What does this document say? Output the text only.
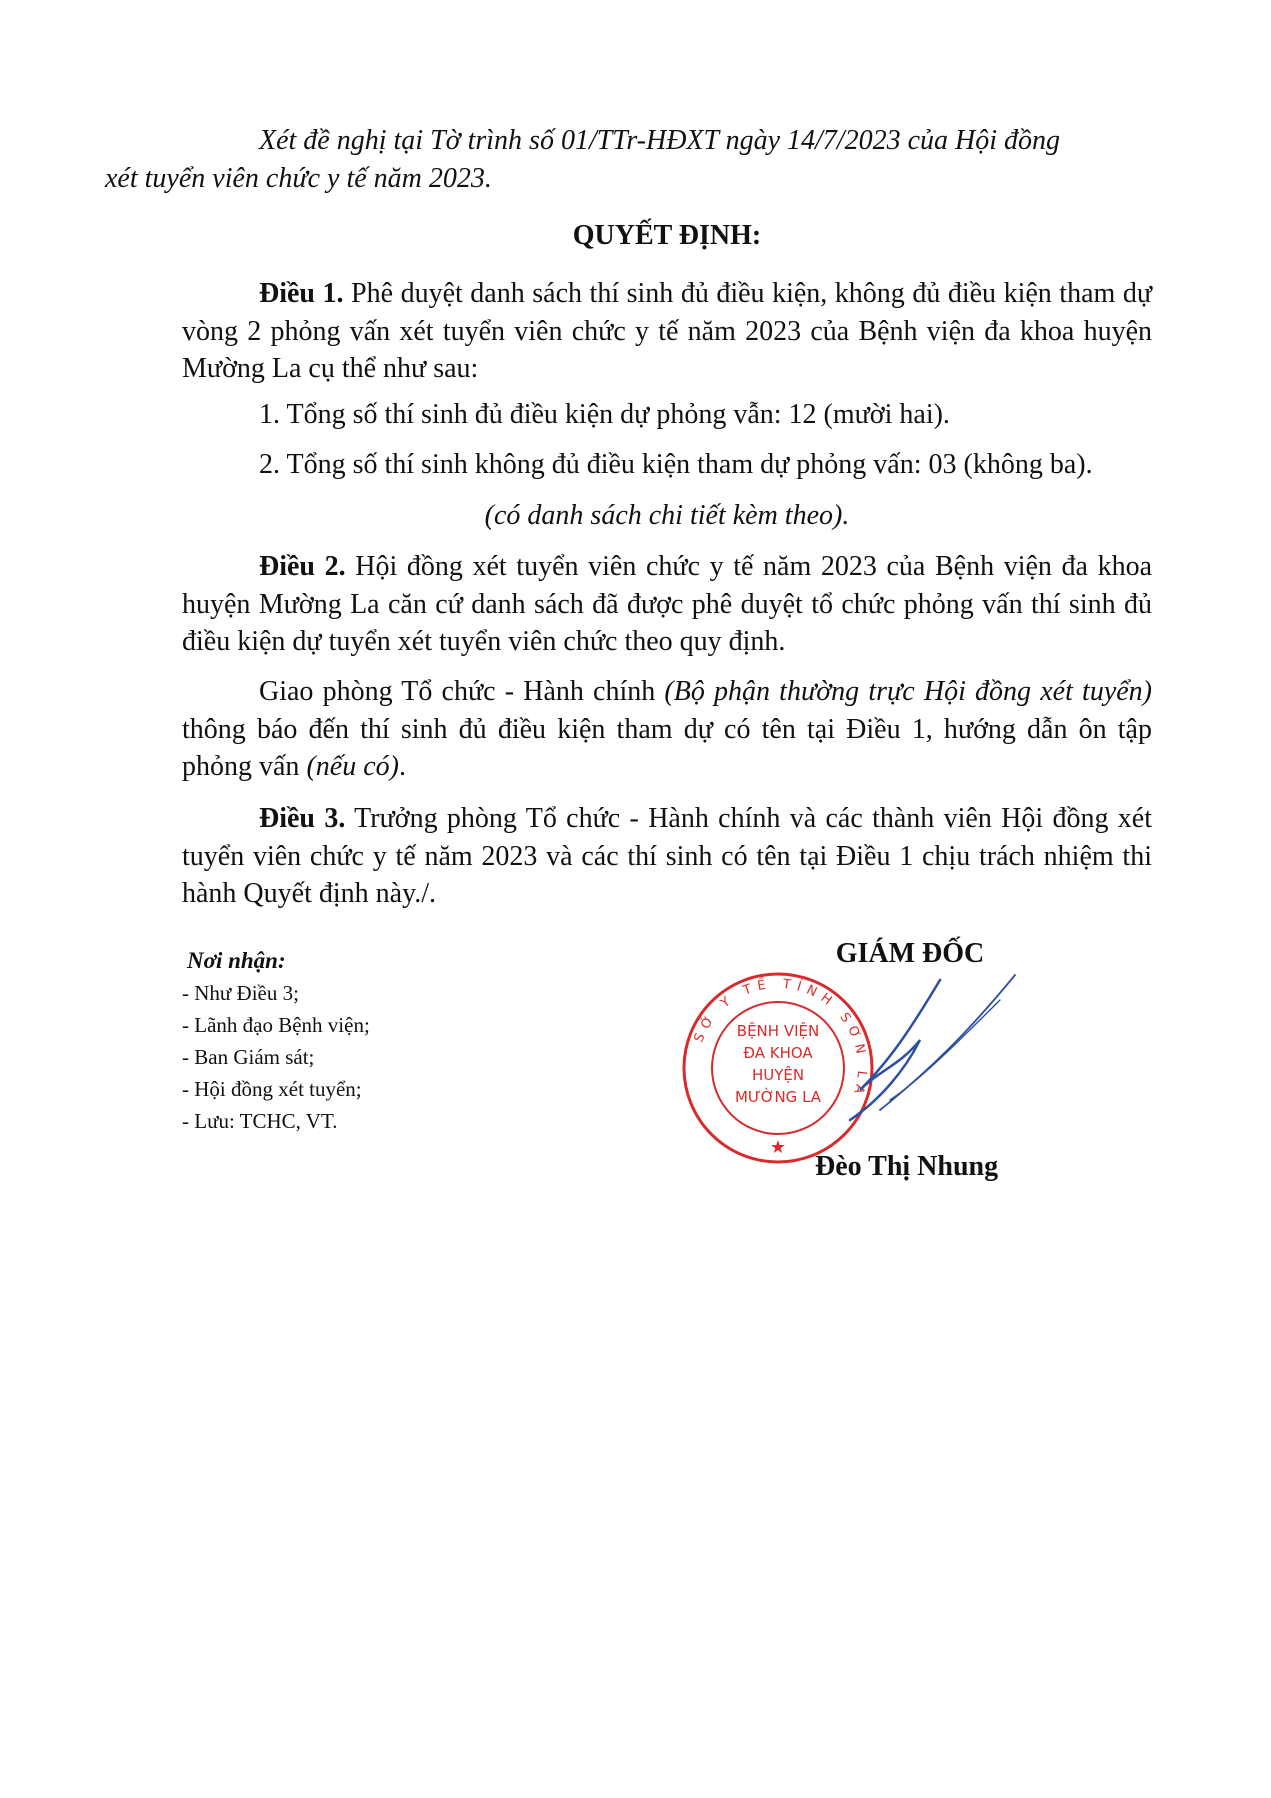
Xét đề nghị tại Tờ trình số 01/TTr-HĐXT ngày 14/7/2023 của Hội đồng
xét tuyển viên chức y tế năm 2023.
QUYẾT ĐỊNH:
Điều 1. Phê duyệt danh sách thí sinh đủ điều kiện, không đủ điều kiện tham dự vòng 2 phỏng vấn xét tuyển viên chức y tế năm 2023 của Bệnh viện đa khoa huyện Mường La cụ thể như sau:
1. Tổng số thí sinh đủ điều kiện dự phỏng vẫn: 12 (mười hai).
2. Tổng số thí sinh không đủ điều kiện tham dự phỏng vấn: 03 (không ba).
(có danh sách chi tiết kèm theo).
Điều 2. Hội đồng xét tuyển viên chức y tế năm 2023 của Bệnh viện đa khoa huyện Mường La căn cứ danh sách đã được phê duyệt tổ chức phỏng vấn thí sinh đủ điều kiện dự tuyển xét tuyển viên chức theo quy định.
Giao phòng Tổ chức - Hành chính (Bộ phận thường trực Hội đồng xét tuyển) thông báo đến thí sinh đủ điều kiện tham dự có tên tại Điều 1, hướng dẫn ôn tập phỏng vấn (nếu có).
Điều 3. Trưởng phòng Tổ chức - Hành chính và các thành viên Hội đồng xét tuyển viên chức y tế năm 2023 và các thí sinh có tên tại Điều 1 chịu trách nhiệm thi hành Quyết định này./.
Nơi nhận:
- Như Điều 3;
- Lãnh đạo Bệnh viện;
- Ban Giám sát;
- Hội đồng xét tuyển;
- Lưu: TCHC, VT.
GIÁM ĐỐC
SỞ Y TẾ TỈNH SƠN LA
BỆNH VIỆN
ĐA KHOA
HUYỆN
MƯỜNG LA
★
Đèo Thị Nhung
